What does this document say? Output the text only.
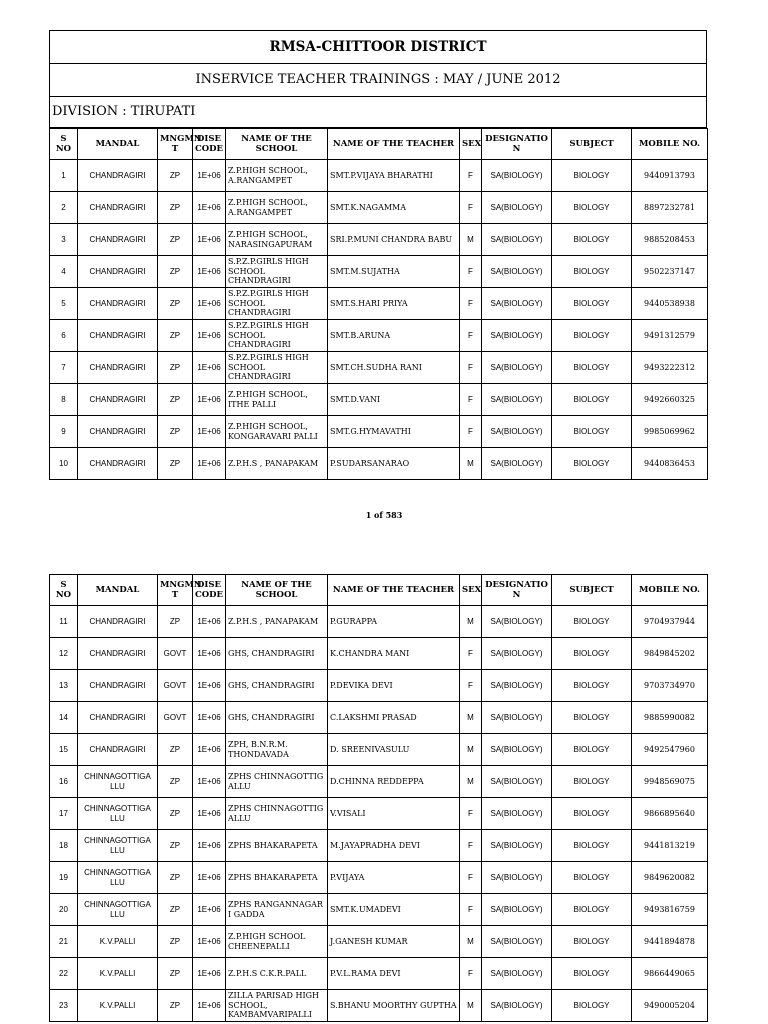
RMSA-CHITTOOR DISTRICT
INSERVICE TEACHER TRAININGS : MAY / JUNE 2012
DIVISION : TIRUPATI
S NO	MANDAL	MNGMN T	DISE CODE	NAME OF THE SCHOOL	NAME OF THE TEACHER	SEX	DESIGNATIO N	SUBJECT	MOBILE NO.
1	CHANDRAGIRI	ZP	1E+06	Z.P.HIGH SCHOOL, A.RANGAMPET	SMT.P.VIJAYA BHARATHI	F	SA(BIOLOGY)	BIOLOGY	9440913793
2	CHANDRAGIRI	ZP	1E+06	Z.P.HIGH SCHOOL, A.RANGAMPET	SMT.K.NAGAMMA	F	SA(BIOLOGY)	BIOLOGY	8897232781
3	CHANDRAGIRI	ZP	1E+06	Z.P.HIGH SCHOOL, NARASINGAPURAM	SRI.P.MUNI CHANDRA BABU	M	SA(BIOLOGY)	BIOLOGY	9885208453
4	CHANDRAGIRI	ZP	1E+06	S.P.Z.P.GIRLS HIGH SCHOOL CHANDRAGIRI	SMT.M.SUJATHA	F	SA(BIOLOGY)	BIOLOGY	9502237147
5	CHANDRAGIRI	ZP	1E+06	S.P.Z.P.GIRLS HIGH SCHOOL CHANDRAGIRI	SMT.S.HARI PRIYA	F	SA(BIOLOGY)	BIOLOGY	9440538938
6	CHANDRAGIRI	ZP	1E+06	S.P.Z.P.GIRLS HIGH SCHOOL CHANDRAGIRI	SMT.B.ARUNA	F	SA(BIOLOGY)	BIOLOGY	9491312579
7	CHANDRAGIRI	ZP	1E+06	S.P.Z.P.GIRLS HIGH SCHOOL CHANDRAGIRI	SMT.CH.SUDHA RANI	F	SA(BIOLOGY)	BIOLOGY	9493222312
8	CHANDRAGIRI	ZP	1E+06	Z.P.HIGH SCHOOL, ITHE PALLI	SMT.D.VANI	F	SA(BIOLOGY)	BIOLOGY	9492660325
9	CHANDRAGIRI	ZP	1E+06	Z.P.HIGH SCHOOL, KONGARAVARI PALLI	SMT.G.HYMAVATHI	F	SA(BIOLOGY)	BIOLOGY	9985069962
10	CHANDRAGIRI	ZP	1E+06	Z.P.H.S , PANAPAKAM	P.SUDARSANARAO	M	SA(BIOLOGY)	BIOLOGY	9440836453
1 of 583
S NO	MANDAL	MNGMN T	DISE CODE	NAME OF THE SCHOOL	NAME OF THE TEACHER	SEX	DESIGNATIO N	SUBJECT	MOBILE NO.
11	CHANDRAGIRI	ZP	1E+06	Z.P.H.S , PANAPAKAM	P.GURAPPA	M	SA(BIOLOGY)	BIOLOGY	9704937944
12	CHANDRAGIRI	GOVT	1E+06	GHS, CHANDRAGIRI	K.CHANDRA MANI	F	SA(BIOLOGY)	BIOLOGY	9849845202
13	CHANDRAGIRI	GOVT	1E+06	GHS, CHANDRAGIRI	P.DEVIKA DEVI	F	SA(BIOLOGY)	BIOLOGY	9703734970
14	CHANDRAGIRI	GOVT	1E+06	GHS, CHANDRAGIRI	C.LAKSHMI PRASAD	M	SA(BIOLOGY)	BIOLOGY	9885990082
15	CHANDRAGIRI	ZP	1E+06	ZPH, B.N.R.M. THONDAVADA	D. SREENIVASULU	M	SA(BIOLOGY)	BIOLOGY	9492547960
16	CHINNAGOTTIGA LLU	ZP	1E+06	ZPHS CHINNAGOTTIG ALLU	D.CHINNA REDDEPPA	M	SA(BIOLOGY)	BIOLOGY	9948569075
17	CHINNAGOTTIGA LLU	ZP	1E+06	ZPHS CHINNAGOTTIG ALLU	V.VISALI	F	SA(BIOLOGY)	BIOLOGY	9866895640
18	CHINNAGOTTIGA LLU	ZP	1E+06	ZPHS BHAKARAPETA	M.JAYAPRADHA DEVI	F	SA(BIOLOGY)	BIOLOGY	9441813219
19	CHINNAGOTTIGA LLU	ZP	1E+06	ZPHS BHAKARAPETA	P.VIJAYA	F	SA(BIOLOGY)	BIOLOGY	9849620082
20	CHINNAGOTTIGA LLU	ZP	1E+06	ZPHS RANGANNAGAR I GADDA	SMT.K.UMADEVI	F	SA(BIOLOGY)	BIOLOGY	9493816759
21	K.V.PALLI	ZP	1E+06	Z.P.HIGH SCHOOL CHEENEPALLI	J.GANESH KUMAR	M	SA(BIOLOGY)	BIOLOGY	9441894878
22	K.V.PALLI	ZP	1E+06	Z.P.H.S C.K.R.PALL	P.V.L.RAMA DEVI	F	SA(BIOLOGY)	BIOLOGY	9866449065
23	K.V.PALLI	ZP	1E+06	ZILLA PARISAD HIGH SCHOOL, KAMBAMVARIPALLI	S.BHANU MOORTHY GUPTHA	M	SA(BIOLOGY)	BIOLOGY	9490005204
